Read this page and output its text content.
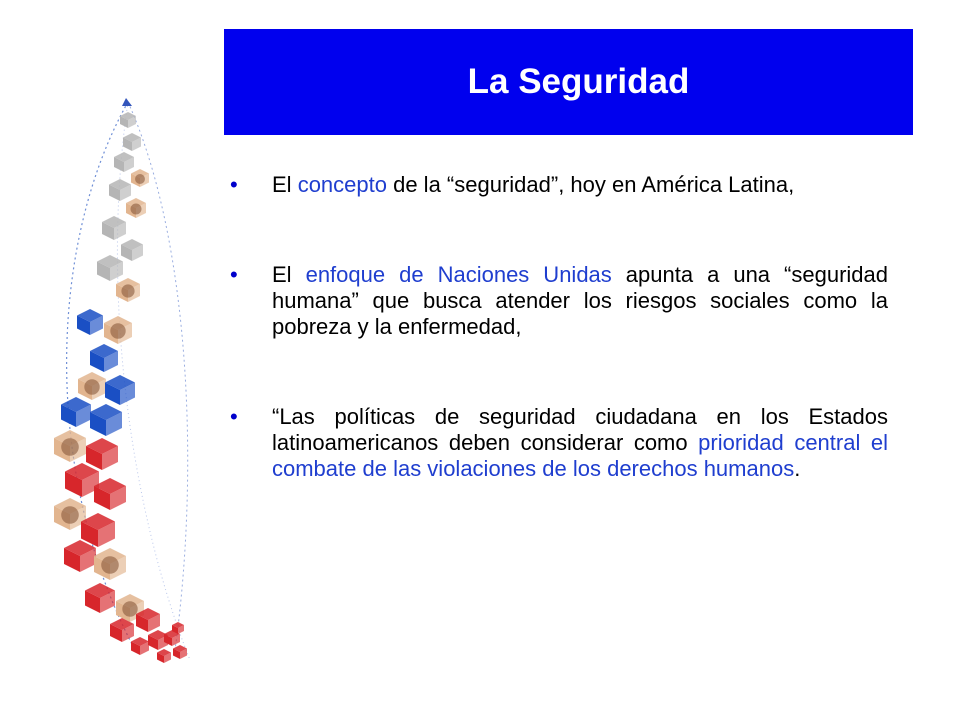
La Seguridad
• El concepto de la “seguridad”, hoy en América Latina,
• El enfoque de Naciones Unidas apunta a una “seguridad humana” que busca atender los riesgos sociales como la pobreza y la enfermedad,
• “Las políticas de seguridad ciudadana en los Estados latinoamericanos deben considerar como prioridad central el combate de las violaciones de los derechos humanos.
